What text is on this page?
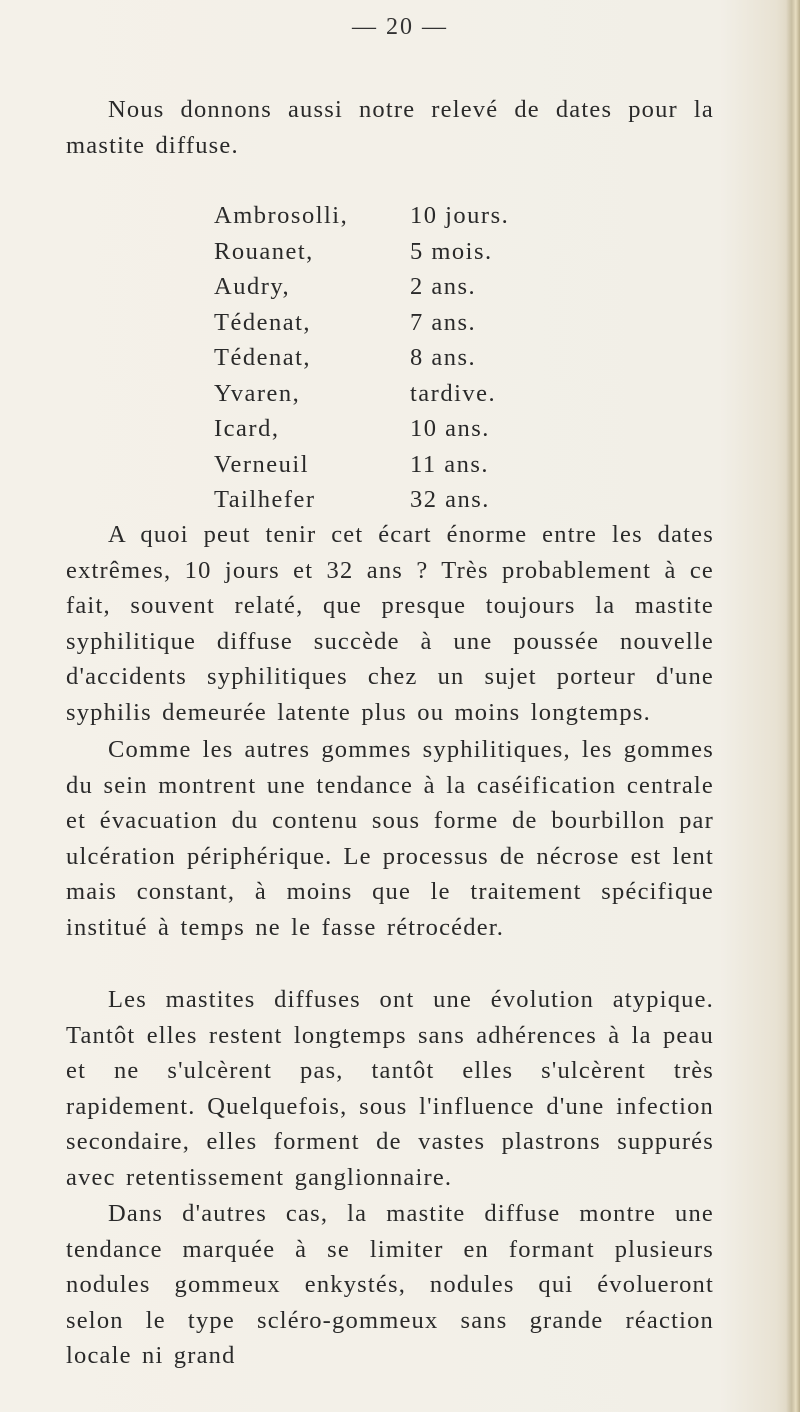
— 20 —
Nous donnons aussi notre relevé de dates pour la mastite diffuse.
Ambrosolli,	10 jours.
Rouanet,	5 mois.
Audry,	2 ans.
Tédenat,	7 ans.
Tédenat,	8 ans.
Yvaren,	tardive.
Icard,	10 ans.
Verneuil	11 ans.
Tailhefer	32 ans.
A quoi peut tenir cet écart énorme entre les dates extrêmes, 10 jours et 32 ans ? Très probablement à ce fait, souvent relaté, que presque toujours la mastite syphilitique diffuse succède à une poussée nouvelle d'accidents syphilitiques chez un sujet porteur d'une syphilis demeurée latente plus ou moins longtemps.
Comme les autres gommes syphilitiques, les gommes du sein montrent une tendance à la caséification centrale et évacuation du contenu sous forme de bourbillon par ulcération périphérique. Le processus de nécrose est lent mais constant, à moins que le traitement spécifique institué à temps ne le fasse rétrocéder.
Les mastites diffuses ont une évolution atypique. Tantôt elles restent longtemps sans adhérences à la peau et ne s'ulcèrent pas, tantôt elles s'ulcèrent très rapidement. Quelquefois, sous l'influence d'une infection secondaire, elles forment de vastes plastrons suppurés avec retentissement ganglionnaire.
Dans d'autres cas, la mastite diffuse montre une tendance marquée à se limiter en formant plusieurs nodules gommeux enkystés, nodules qui évolueront selon le type scléro-gommeux sans grande réaction locale ni grand
